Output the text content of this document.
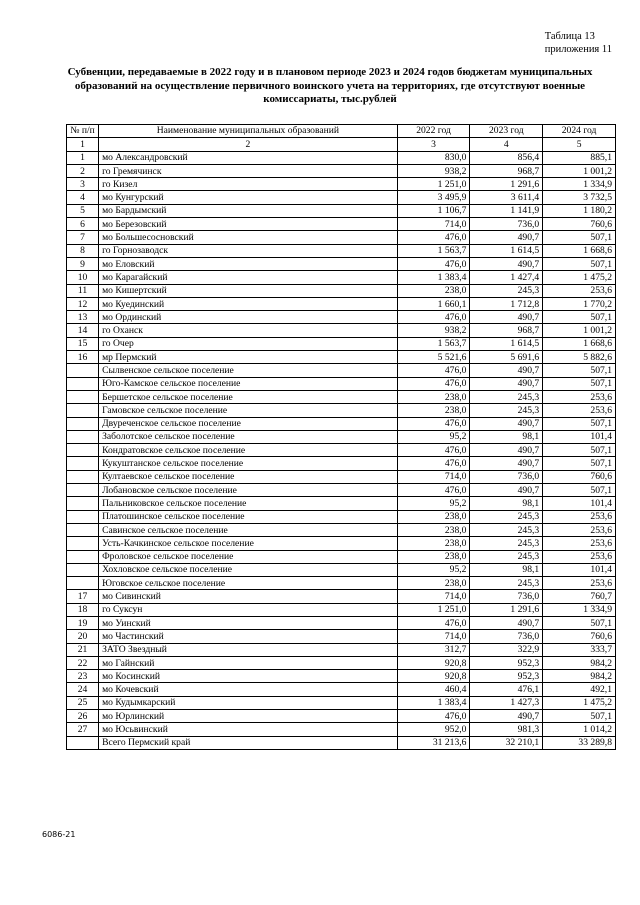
Таблица 13
приложения 11
Субвенции, передаваемые в 2022 году и в плановом периоде 2023 и 2024 годов бюджетам муниципальных образований на осуществление первичного воинского учета на территориях, где отсутствуют военные комиссариаты, тыс.рублей
№ п/п	Наименование муниципальных образований	2022 год	2023 год	2024 год

1	2	3	4	5
1	мо Александровский	830,0	856,4	885,1
2	го Гремячинск	938,2	968,7	1 001,2
3	го Кизел	1 251,0	1 291,6	1 334,9
4	мо Кунгурский	3 495,9	3 611,4	3 732,5
5	мо Бардымский	1 106,7	1 141,9	1 180,2
6	мо Березовский	714,0	736,0	760,6
7	мо Большесосновский	476,0	490,7	507,1
8	го Горнозаводск	1 563,7	1 614,5	1 668,6
9	мо Еловский	476,0	490,7	507,1
10	мо Карагайский	1 383,4	1 427,4	1 475,2
11	мо Кишертский	238,0	245,3	253,6
12	мо Куединский	1 660,1	1 712,8	1 770,2
13	мо Ординский	476,0	490,7	507,1
14	го Оханск	938,2	968,7	1 001,2
15	го Очер	1 563,7	1 614,5	1 668,6
16	мр Пермский	5 521,6	5 691,6	5 882,6
	Сылвенское сельское поселение	476,0	490,7	507,1
	Юго-Камское сельское поселение	476,0	490,7	507,1
	Бершетское сельское поселение	238,0	245,3	253,6
	Гамовское сельское поселение	238,0	245,3	253,6
	Двуреченское сельское поселение	476,0	490,7	507,1
	Заболотское сельское поселение	95,2	98,1	101,4
	Кондратовское сельское поселение	476,0	490,7	507,1
	Кукуштанское сельское поселение	476,0	490,7	507,1
	Култаевское сельское поселение	714,0	736,0	760,6
	Лобановское сельское поселение	476,0	490,7	507,1
	Пальниковское сельское поселение	95,2	98,1	101,4
	Платошинское сельское поселение	238,0	245,3	253,6
	Савинское сельское поселение	238,0	245,3	253,6
	Усть-Качкинское сельское поселение	238,0	245,3	253,6
	Фроловское сельское поселение	238,0	245,3	253,6
	Хохловское сельское поселение	95,2	98,1	101,4
	Юговское сельское поселение	238,0	245,3	253,6
17	мо Сивинский	714,0	736,0	760,7
18	го Суксун	1 251,0	1 291,6	1 334,9
19	мо Уинский	476,0	490,7	507,1
20	мо Частинский	714,0	736,0	760,6
21	ЗАТО Звездный	312,7	322,9	333,7
22	мо Гайнский	920,8	952,3	984,2
23	мо Косинский	920,8	952,3	984,2
24	мо Кочевский	460,4	476,1	492,1
25	мо Кудымкарский	1 383,4	1 427,3	1 475,2
26	мо Юрлинский	476,0	490,7	507,1
27	мо Юсьвинский	952,0	981,3	1 014,2
	Всего Пермский край	31 213,6	32 210,1	33 289,8
6086-21
